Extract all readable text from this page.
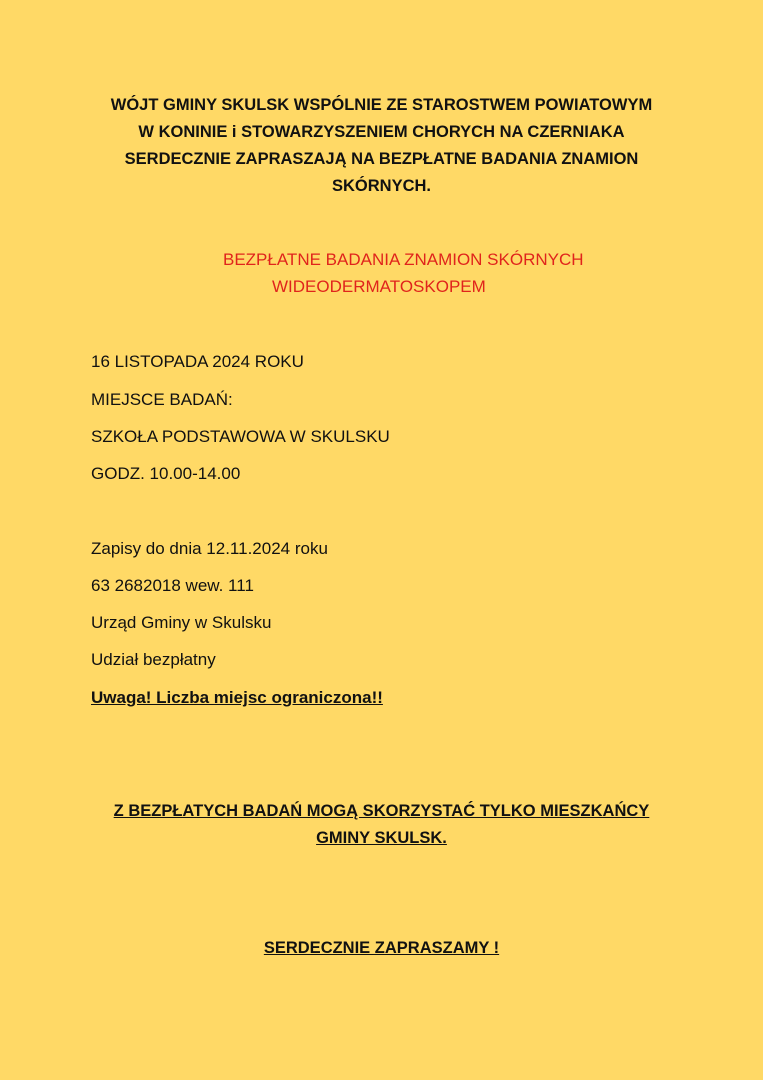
WÓJT GMINY SKULSK WSPÓLNIE ZE STAROSTWEM POWIATOWYM
W KONINIE i STOWARZYSZENIEM CHORYCH NA CZERNIAKA
SERDECZNIE ZAPRASZAJĄ NA BEZPŁATNE BADANIA ZNAMION
SKÓRNYCH.
BEZPŁATNE BADANIA ZNAMION SKÓRNYCH
WIDEODERMATOSKOPEM
16 LISTOPADA 2024 ROKU
MIEJSCE BADAŃ:
SZKOŁA PODSTAWOWA W SKULSKU
GODZ. 10.00-14.00
Zapisy do dnia 12.11.2024 roku
63 2682018 wew. 111
Urząd Gminy w Skulsku
Udział bezpłatny
Uwaga! Liczba miejsc ograniczona!!
Z BEZPŁATYCH BADAŃ MOGĄ SKORZYSTAĆ TYLKO MIESZKAŃCY
GMINY SKULSK.
SERDECZNIE ZAPRASZAMY !
